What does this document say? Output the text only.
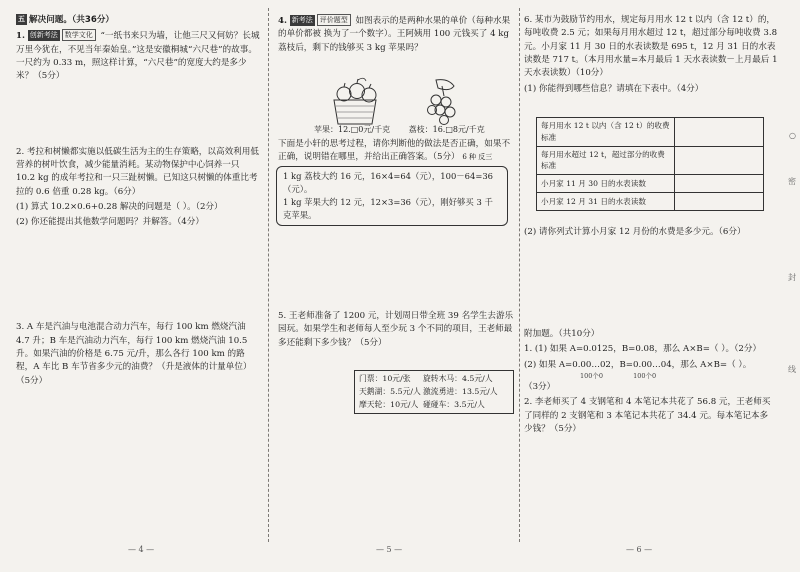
五 解决问题。（共36分）
1. 创新考法 数学文化 “一纸书来只为墙，让他三尺又何妨？长城万里今犹在，不见当年秦始皇。”这是安徽桐城“六尺巷”的故事。一尺约为 0.33 m，照这样计算，“六尺巷”的宽度大约是多少米？（5分）
2. 考拉和树懒都实施以低碳生活为主的生存策略，以高效利用低营养的树叶饮食，减少能量消耗。某动物保护中心饲养一只 10.2 kg 的成年考拉和一只三趾树懒。已知这只树懒的体重比考拉的 0.6 倍重 0.28 kg。（6分）
(1) 算式 10.2×0.6+0.28 解决的问题是（ ）。（2分）
(2) 你还能提出其他数学问题吗？并解答。（4分）
3. A 车是汽油与电池混合动力汽车，每行 100 km 燃烧汽油 4.7 升；B 车是汽油动力汽车，每行 100 km 燃烧汽油 10.5 升。如果汽油的价格是 6.75 元/升，那么各行 100 km 的路程，A 车比 B 车节省多少元的油费？（升是液体的计量单位）（5分）
4. 新考法 评价题型 如图表示的是两种水果的单价（每种水果的单价都被 换为了一个数字）。王阿姨用 100 元钱买了 4 kg 荔枝后，剩下的钱够买 3 kg 苹果吗？
苹果：12.□0元/千克 荔枝：16.□8元/千克
下面是小轩的思考过程，请你判断他的做法是否正确，如果不正确，说明错在哪里，并给出正确答案。（5分） 6 种 反三
1 kg 荔枝大约 16 元，16×4=64（元），100－64=36（元）。
1 kg 苹果大约 12 元，12×3=36（元），刚好够买 3 千克苹果。
5. 王老师准备了 1200 元，计划周日带全班 39 名学生去游乐园玩。如果学生和老师每人至少玩 3 个不同的项目，王老师最多还能剩下多少钱？（5分）
门票：10元/张	旋转木马：4.5元/人
天鹅湖：5.5元/人 激流勇进：13.5元/人
摩天轮：10元/人 碰碰车：3.5元/人
6. 某市为鼓励节约用水，规定每月用水 12 t 以内（含 12 t）的，每吨收费 2.5 元；如果每月用水超过 12 t，超过部分每吨收费 3.8 元。小月家 11 月 30 日的水表读数是 695 t，12 月 31 日的水表读数是 717 t。（本月用水量=本月最后 1 天水表读数－上月最后 1 天水表读数）（10分）
(1) 你能得到哪些信息？请填在下表中。（4分）
每月用水 12 t 以内（含 12 t）的收费标准	
每月用水超过 12 t，超过部分的收费标准	
小月家 11 月 30 日的水表读数	
小月家 12 月 31 日的水表读数	
(2) 请你列式计算小月家 12 月份的水费是多少元。（6分）
附加题。（共10分）
1. (1) 如果 A=0.0125，B=0.08，那么 A×B=（ ）。（2分）
(2) 如果 A=0.00…02，B=0.00…04，那么 A×B=（ ）。
100个0	100个0
（3分）
2. 李老师买了 4 支钢笔和 4 本笔记本共花了 56.8 元，王老师买了同样的 2 支钢笔和 3 本笔记本共花了 34.4 元。每本笔记本多少钱？（5分）
○
密
封
线
— 4 —	— 5 —	— 6 —
